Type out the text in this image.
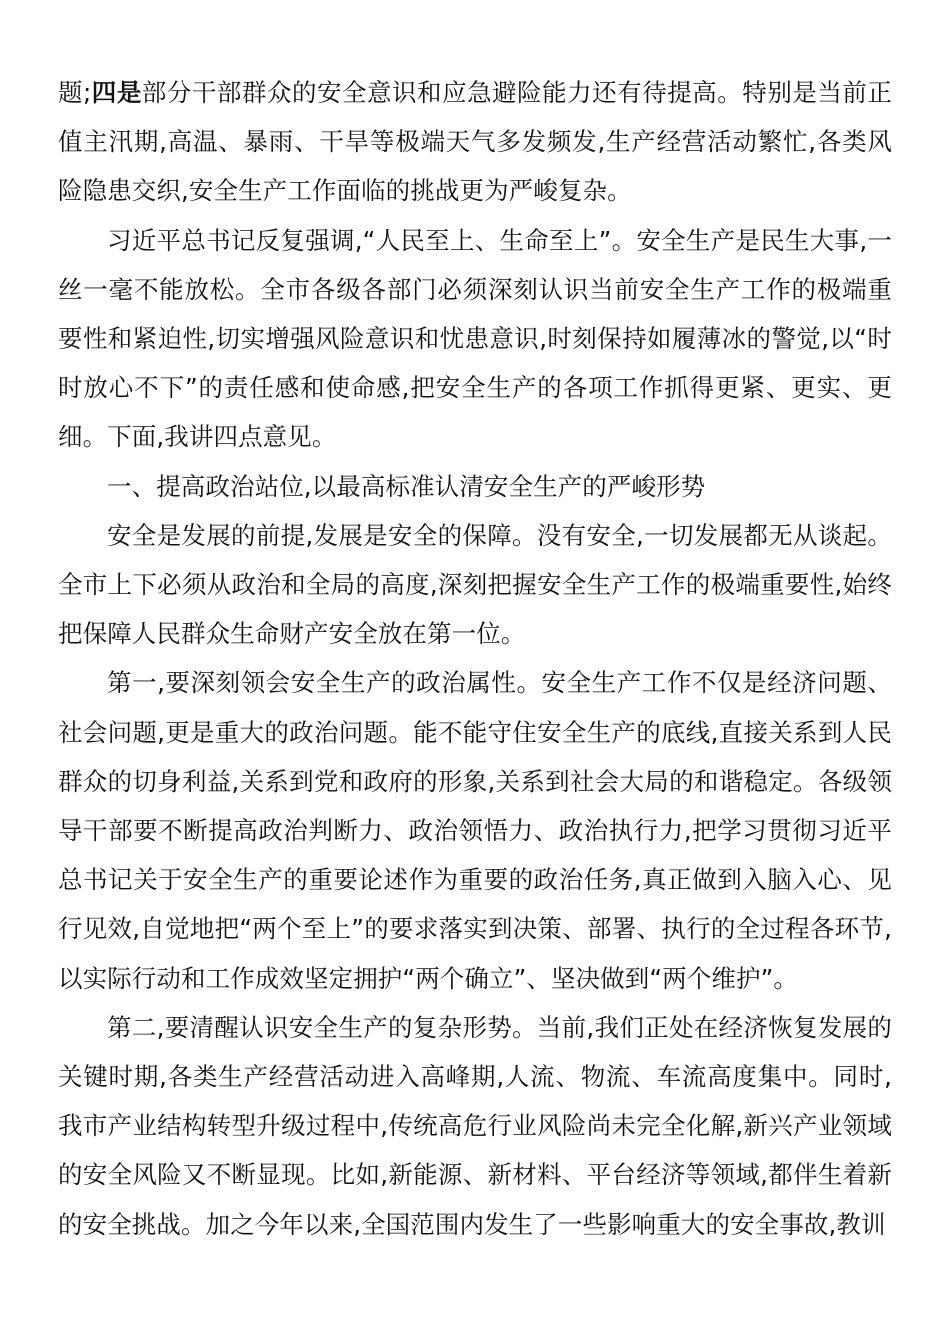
题;四是部分干部群众的安全意识和应急避险能力还有待提高。特别是当前正值主汛期,高温、暴雨、干旱等极端天气多发频发,生产经营活动繁忙,各类风险隐患交织,安全生产工作面临的挑战更为严峻复杂。

习近平总书记反复强调,“人民至上、生命至上”。安全生产是民生大事,一丝一毫不能放松。全市各级各部门必须深刻认识当前安全生产工作的极端重要性和紧迫性,切实增强风险意识和忧患意识,时刻保持如履薄冰的警觉,以“时时放心不下”的责任感和使命感,把安全生产的各项工作抓得更紧、更实、更细。下面,我讲四点意见。

一、提高政治站位,以最高标准认清安全生产的严峻形势

安全是发展的前提,发展是安全的保障。没有安全,一切发展都无从谈起。全市上下必须从政治和全局的高度,深刻把握安全生产工作的极端重要性,始终把保障人民群众生命财产安全放在第一位。

第一,要深刻领会安全生产的政治属性。安全生产工作不仅是经济问题、社会问题,更是重大的政治问题。能不能守住安全生产的底线,直接关系到人民群众的切身利益,关系到党和政府的形象,关系到社会大局的和谐稳定。各级领导干部要不断提高政治判断力、政治领悟力、政治执行力,把学习贯彻习近平总书记关于安全生产的重要论述作为重要的政治任务,真正做到入脑入心、见行见效,自觉地把“两个至上”的要求落实到决策、部署、执行的全过程各环节,以实际行动和工作成效坚定拥护“两个确立”、坚决做到“两个维护”。

第二,要清醒认识安全生产的复杂形势。当前,我们正处在经济恢复发展的关键时期,各类生产经营活动进入高峰期,人流、物流、车流高度集中。同时,我市产业结构转型升级过程中,传统高危行业风险尚未完全化解,新兴产业领域的安全风险又不断显现。比如,新能源、新材料、平台经济等领域,都伴生着新的安全挑战。加之今年以来,全国范围内发生了一些影响重大的安全事故,教训
